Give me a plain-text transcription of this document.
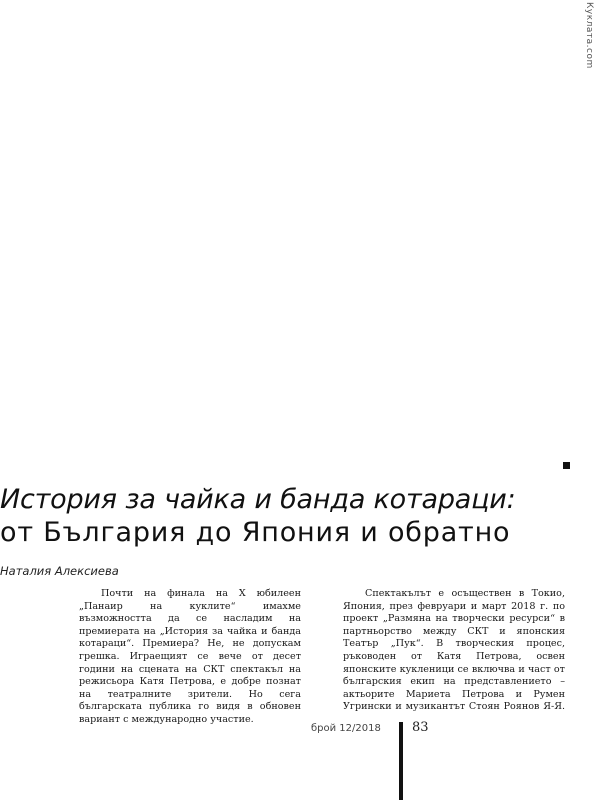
Куклата.com
История за чайка и банда котараци:
от България до Япония и обратно
Наталия Алексиева

Почти на финала на X юбилеен „Панаир на куклите“ имахме възможността да се насладим на премиерата на „История за чайка и банда котараци“. Премиера? Не, не допускам грешка. Играещият се вече от десет години на сцената на СКТ спектакъл на режисьора Катя Петрова, е добре познат на театралните зрители. Но сега българската публика го видя в обновен вариант с международно участие.

Спектакълът е осъществен в Токио, Япония, през февруари и март 2018 г. по проект „Размяна на творчески ресурси“ в партньорство между СКТ и японския Театър „Пук“. В творческия процес, ръководен от Катя Петрова, освен японските кукленици се включва и част от българския екип на представлението – актьорите Мариета Петрова и Румен Угрински и музикантът Стоян Роянов Я-Я.

брой 12/2018 83
